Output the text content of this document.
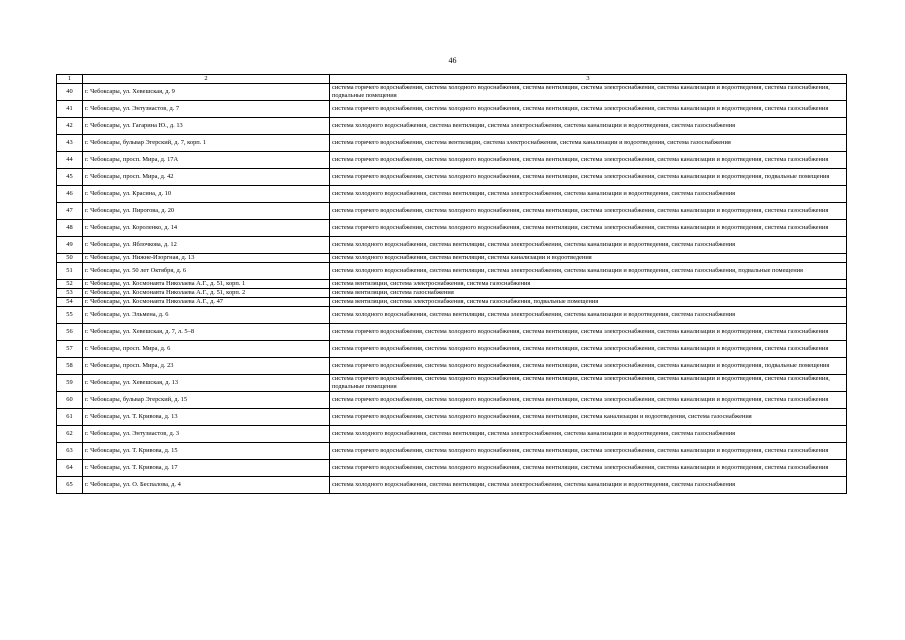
46
1	2	3
40	г. Чебоксары, ул. Хевешская, д. 9	система горячего водоснабжения, система холодного водоснабжения, система вентиляции, система электроснабжения, система канализации и водоотведения, система газоснабжения, подвальные помещения
41	г. Чебоксары, ул. Энтузиастов, д. 7	система горячего водоснабжения, система холодного водоснабжения, система вентиляции, система электроснабжения, система канализации и водоотведения, система газоснабжения
42	г. Чебоксары, ул. Гагарина Ю., д. 13	система холодного водоснабжения, система вентиляции, система электроснабжения, система канализации и водоотведения, система газоснабжения
43	г. Чебоксары, бульвар Эгерский, д. 7, корп. 1	система горячего водоснабжения, система вентиляции, система электроснабжения, система канализации и водоотведения, система газоснабжения
44	г. Чебоксары, просп. Мира, д. 17А	система горячего водоснабжения, система холодного водоснабжения, система вентиляции, система электроснабжения, система канализации и водоотведения, система газоснабжения
45	г. Чебоксары, просп. Мира, д. 42	система горячего водоснабжения, система холодного водоснабжения, система вентиляции, система электроснабжения, система канализации и водоотведения, подвальные помещения
46	г. Чебоксары, ул. Красина, д. 10	система холодного водоснабжения, система вентиляции, система электроснабжения, система канализации и водоотведения, система газоснабжения
47	г. Чебоксары, ул. Пирогова, д. 20	система горячего водоснабжения, система холодного водоснабжения, система вентиляции, система электроснабжения, система канализации и водоотведения, система газоснабжения
48	г. Чебоксары, ул. Короленко, д. 14	система горячего водоснабжения, система холодного водоснабжения, система вентиляции, система электроснабжения, система канализации и водоотведения, система газоснабжения
49	г. Чебоксары, ул. Яблочкова, д. 12	система холодного водоснабжения, система вентиляции, система электроснабжения, система канализации и водоотведения, система газоснабжения
50	г. Чебоксары, ул. Нижне-Изоргная, д. 13	система холодного водоснабжения, система вентиляции, система канализации и водоотведения
51	г. Чебоксары, ул. 50 лет Октября, д. 6	система холодного водоснабжения, система вентиляции, система электроснабжения, система канализации и водоотведения, система газоснабжения, подвальные помещения
52	г. Чебоксары, ул. Космонавта Николаева А.Г., д. 51, корп. 1	система вентиляции, система электроснабжения, система газоснабжения
53	г. Чебоксары, ул. Космонавта Николаева А.Г., д. 51, корп. 2	система вентиляции, система газоснабжения
54	г. Чебоксары, ул. Космонавта Николаева А.Г., д. 47	система вентиляции, система электроснабжения, система газоснабжения, подвальные помещения
55	г. Чебоксары, ул. Эльмена, д. 6	система холодного водоснабжения, система вентиляции, система электроснабжения, система канализации и водоотведения, система газоснабжения
56	г. Чебоксары, ул. Хевешская, д. 7, л. 5–8	система горячего водоснабжения, система холодного водоснабжения, система вентиляции, система электроснабжения, система канализации и водоотведения, система газоснабжения
57	г. Чебоксары, просп. Мира, д. 6	система горячего водоснабжения, система холодного водоснабжения, система вентиляции, система электроснабжения, система канализации и водоотведения, система газоснабжения
58	г. Чебоксары, просп. Мира, д. 23	система горячего водоснабжения, система холодного водоснабжения, система вентиляции, система электроснабжения, система канализации и водоотведения, подвальные помещения
59	г. Чебоксары, ул. Хевешская, д. 13	система горячего водоснабжения, система холодного водоснабжения, система вентиляции, система электроснабжения, система канализации и водоотведения, система газоснабжения, подвальные помещения
60	г. Чебоксары, бульвар Эгерский, д. 15	система горячего водоснабжения, система холодного водоснабжения, система вентиляции, система электроснабжения, система канализации и водоотведения, система газоснабжения
61	г. Чебоксары, ул. Т. Кривова, д. 13	система горячего водоснабжения, система холодного водоснабжения, система вентиляции, система канализации и водоотведения, система газоснабжения
62	г. Чебоксары, ул. Энтузиастов, д. 3	система холодного водоснабжения, система вентиляции, система электроснабжения, система канализации и водоотведения, система газоснабжения
63	г. Чебоксары, ул. Т. Кривова, д. 15	система горячего водоснабжения, система холодного водоснабжения, система вентиляции, система электроснабжения, система канализации и водоотведения, система газоснабжения
64	г. Чебоксары, ул. Т. Кривова, д. 17	система горячего водоснабжения, система холодного водоснабжения, система вентиляции, система электроснабжения, система канализации и водоотведения, система газоснабжения
65	г. Чебоксары, ул. О. Беспалова, д. 4	система холодного водоснабжения, система вентиляции, система электроснабжения, система канализации и водоотведения, система газоснабжения
